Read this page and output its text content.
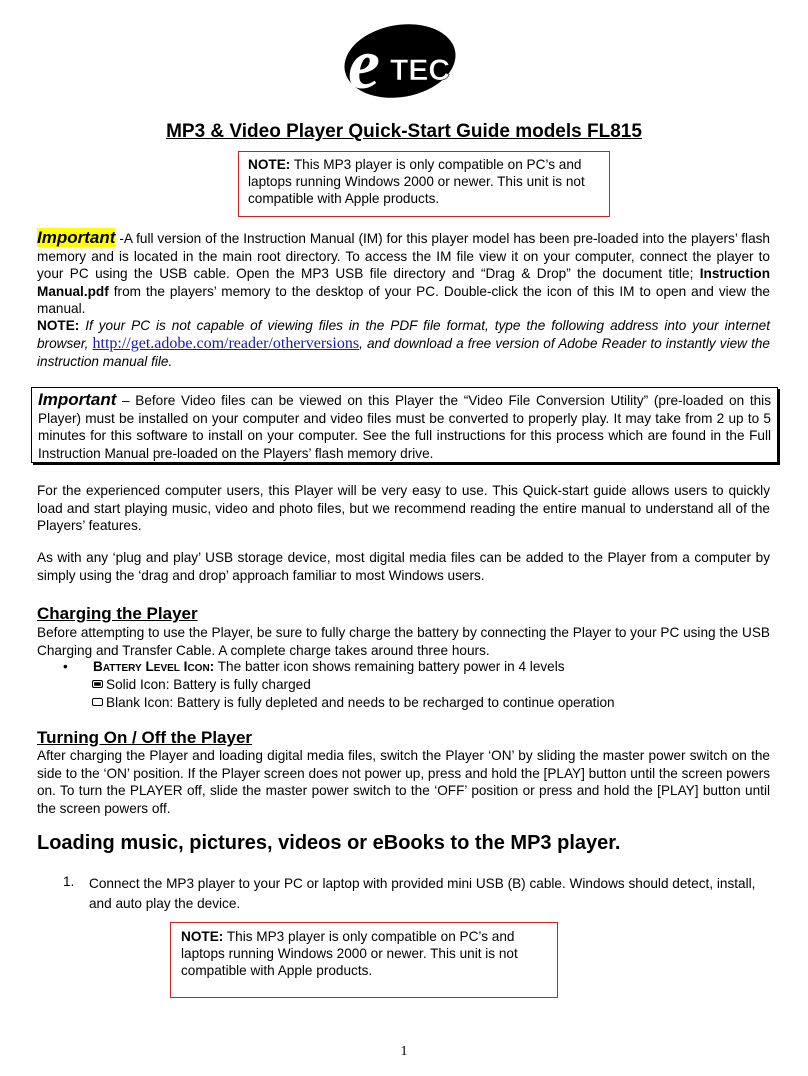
e TEC
MP3 & Video Player Quick-Start Guide models FL815
NOTE: This MP3 player is only compatible on PC’s and laptops running Windows 2000 or newer. This unit is not compatible with Apple products.
Important -A full version of the Instruction Manual (IM) for this player model has been pre-loaded into the players’ flash memory and is located in the main root directory. To access the IM file view it on your computer, connect the player to your PC using the USB cable. Open the MP3 USB file directory and “Drag & Drop” the document title; Instruction Manual.pdf from the players’ memory to the desktop of your PC. Double-click the icon of this IM to open and view the manual.
NOTE: If your PC is not capable of viewing files in the PDF file format, type the following address into your internet browser, http://get.adobe.com/reader/otherversions, and download a free version of Adobe Reader to instantly view the instruction manual file.
Important – Before Video files can be viewed on this Player the “Video File Conversion Utility” (pre-loaded on this Player) must be installed on your computer and video files must be converted to properly play. It may take from 2 up to 5 minutes for this software to install on your computer. See the full instructions for this process which are found in the Full Instruction Manual pre-loaded on the Players’ flash memory drive.
For the experienced computer users, this Player will be very easy to use. This Quick-start guide allows users to quickly load and start playing music, video and photo files, but we recommend reading the entire manual to understand all of the Players’ features.
As with any ‘plug and play’ USB storage device, most digital media files can be added to the Player from a computer by simply using the ‘drag and drop’ approach familiar to most Windows users.
Charging the Player
Before attempting to use the Player, be sure to fully charge the battery by connecting the Player to your PC using the USB Charging and Transfer Cable. A complete charge takes around three hours.
• Battery Level Icon: The batter icon shows remaining battery power in 4 levels
Solid Icon: Battery is fully charged
Blank Icon: Battery is fully depleted and needs to be recharged to continue operation
Turning On / Off the Player
After charging the Player and loading digital media files, switch the Player ‘ON’ by sliding the master power switch on the side to the ‘ON’ position. If the Player screen does not power up, press and hold the [PLAY] button until the screen powers on. To turn the PLAYER off, slide the master power switch to the ‘OFF’ position or press and hold the [PLAY] button until the screen powers off.
Loading music, pictures, videos or eBooks to the MP3 player.
1. Connect the MP3 player to your PC or laptop with provided mini USB (B) cable. Windows should detect, install, and auto play the device.
NOTE: This MP3 player is only compatible on PC’s and laptops running Windows 2000 or newer. This unit is not compatible with Apple products.
1
